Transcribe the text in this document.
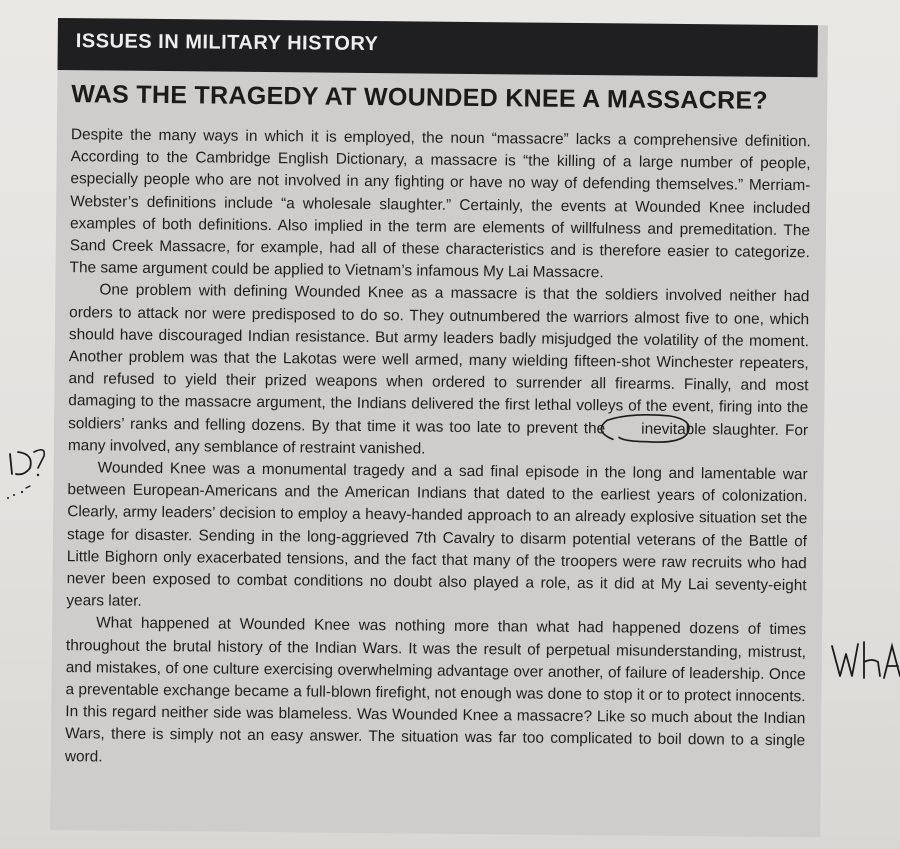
ISSUES IN MILITARY HISTORY
WAS THE TRAGEDY AT WOUNDED KNEE A MASSACRE?

Despite the many ways in which it is employed, the noun “massacre” lacks a comprehensive definition. According to the Cambridge English Dictionary, a massacre is “the killing of a large number of people, especially people who are not involved in any fighting or have no way of defending themselves.” Merriam-Webster’s definitions include “a wholesale slaughter.” Certainly, the events at Wounded Knee included examples of both definitions. Also implied in the term are elements of willfulness and premeditation. The Sand Creek Massacre, for example, had all of these characteristics and is therefore easier to categorize. The same argument could be applied to Vietnam’s infamous My Lai Massacre.

One problem with defining Wounded Knee as a massacre is that the soldiers involved neither had orders to attack nor were predisposed to do so. They outnumbered the warriors almost five to one, which should have discouraged Indian resistance. But army leaders badly misjudged the volatility of the moment. Another problem was that the Lakotas were well armed, many wielding fifteen-shot Winchester repeaters, and refused to yield their prized weapons when ordered to surrender all firearms. Finally, and most damaging to the massacre argument, the Indians delivered the first lethal volleys of the event, firing into the soldiers’ ranks and felling dozens. By that time it was too late to prevent the inevitable
slaughter. For many involved, any semblance of restraint vanished.

Wounded Knee was a monumental tragedy and a sad final episode in the long and lamentable war between European-Americans and the American Indians that dated to the earliest years of colonization. Clearly, army leaders’ decision to employ a heavy-handed approach to an already explosive situation set the stage for disaster. Sending in the long-aggrieved 7th Cavalry to disarm potential veterans of the Battle of Little Bighorn only exacerbated tensions, and the fact that many of the troopers were raw recruits who had never been exposed to combat conditions no doubt also played a role, as it did at My Lai seventy-eight years later.

What happened at Wounded Knee was nothing more than what had happened dozens of times throughout the brutal history of the Indian Wars. It was the result of perpetual misunderstanding, mistrust, and mistakes, of one culture exercising overwhelming advantage over another, of failure of leadership. Once a preventable exchange became a full-blown firefight, not enough was done to stop it or to protect innocents. In this regard neither side was blameless. Was Wounded Knee a massacre? Like so much about the Indian Wars, there is simply not an easy answer. The situation was far too complicated to boil down to a single word.
